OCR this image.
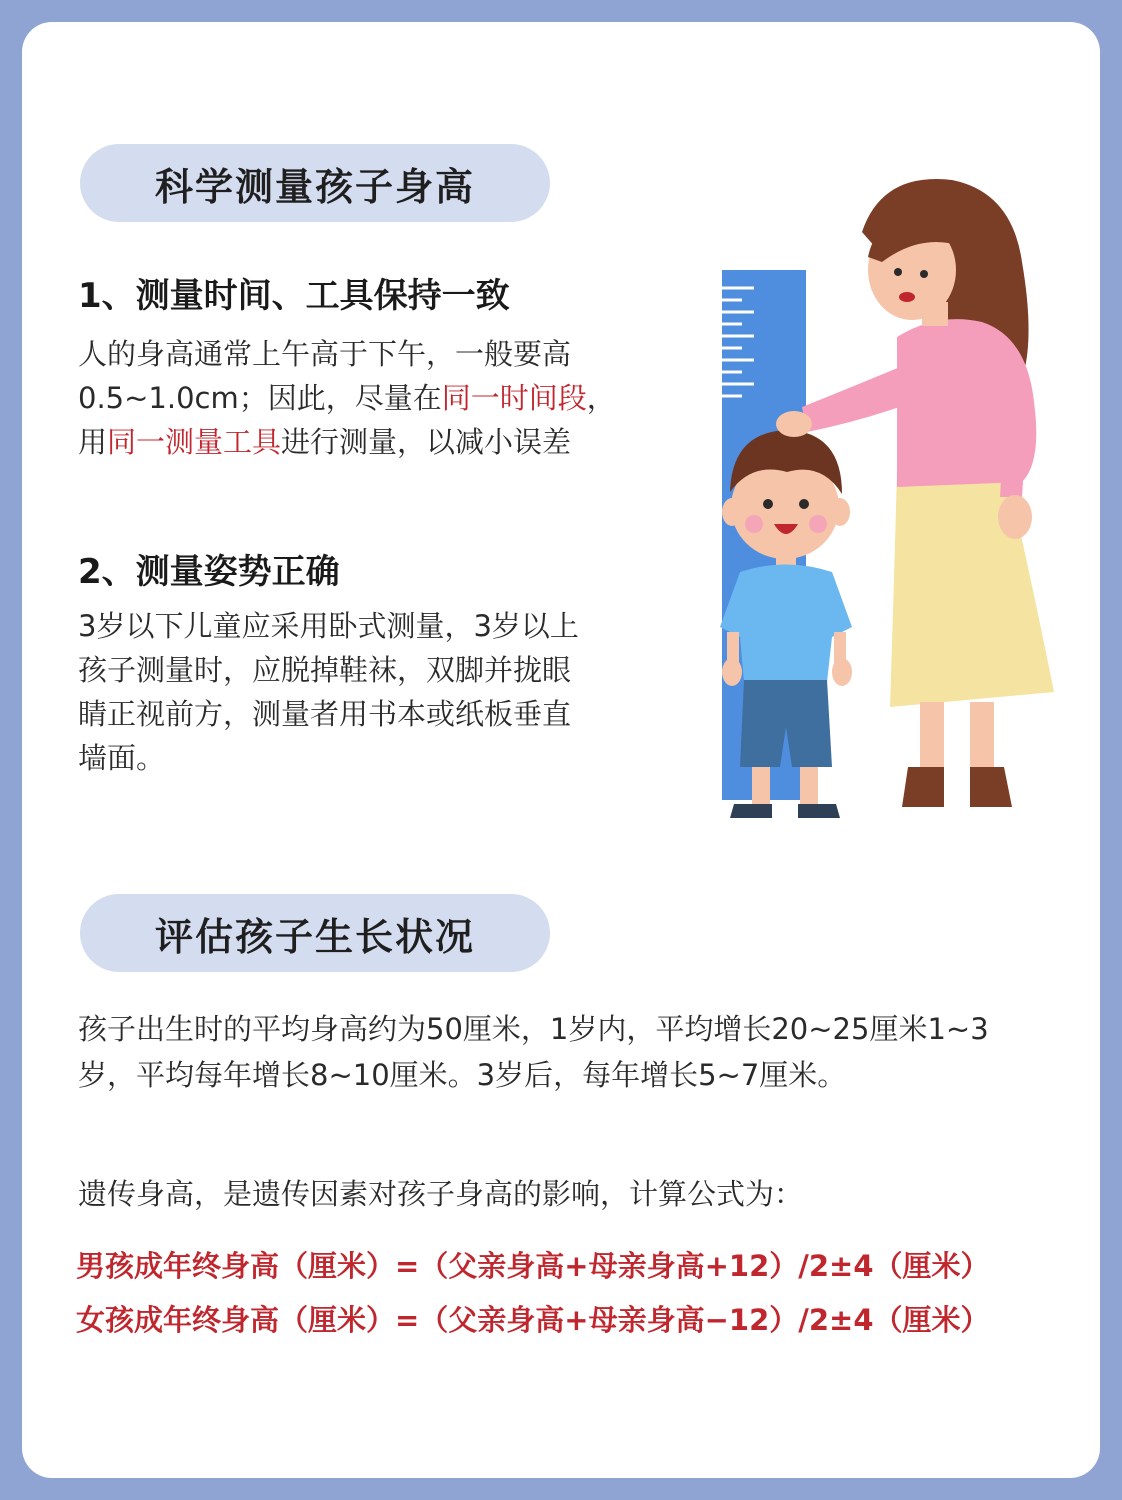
科学测量孩子身高
1、测量时间、工具保持一致
人的身高通常上午高于下午，一般要高
0.5~1.0cm；因此，尽量在同一时间段，
用同一测量工具进行测量，以减小误差
2、测量姿势正确
3岁以下儿童应采用卧式测量，3岁以上
孩子测量时，应脱掉鞋袜，双脚并拢眼
睛正视前方，测量者用书本或纸板垂直
墙面。
评估孩子生长状况
孩子出生时的平均身高约为50厘米，1岁内，平均增长20~25厘米1~3
岁，平均每年增长8~10厘米。3岁后，每年增长5~7厘米。
遗传身高，是遗传因素对孩子身高的影响，计算公式为：
男孩成年终身高（厘米）=（父亲身高+母亲身高+12）/2±4（厘米）
女孩成年终身高（厘米）=（父亲身高+母亲身高−12）/2±4（厘米）
